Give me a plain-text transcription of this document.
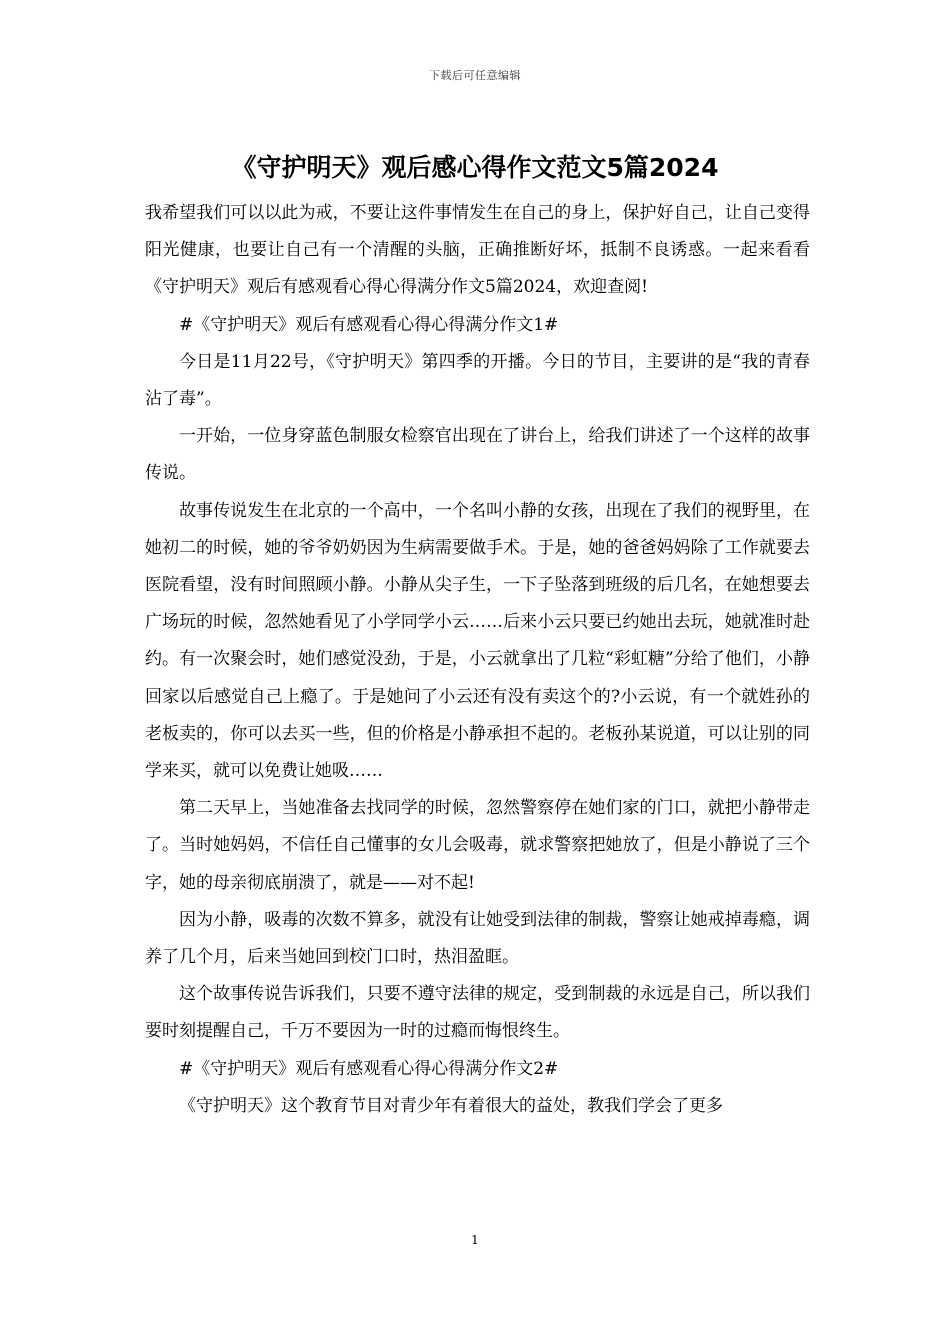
下载后可任意编辑
《守护明天》观后感心得作文范文5篇2024

我希望我们可以以此为戒，不要让这件事情发生在自己的身上，保护好自己，让自己变得阳光健康，也要让自己有一个清醒的头脑，正确推断好坏，抵制不良诱惑。一起来看看《守护明天》观后有感观看心得心得满分作文5篇2024，欢迎查阅!

#《守护明天》观后有感观看心得心得满分作文1#

今日是11月22号，《守护明天》第四季的开播。今日的节目，主要讲的是“我的青春沾了毒”。

一开始，一位身穿蓝色制服女检察官出现在了讲台上，给我们讲述了一个这样的故事传说。

故事传说发生在北京的一个高中，一个名叫小静的女孩，出现在了我们的视野里，在她初二的时候，她的爷爷奶奶因为生病需要做手术。于是，她的爸爸妈妈除了工作就要去医院看望，没有时间照顾小静。小静从尖子生，一下子坠落到班级的后几名，在她想要去广场玩的时候，忽然她看见了小学同学小云……后来小云只要已约她出去玩，她就准时赴约。有一次聚会时，她们感觉没劲，于是，小云就拿出了几粒“彩虹糖”分给了他们，小静回家以后感觉自己上瘾了。于是她问了小云还有没有卖这个的?小云说，有一个就姓孙的老板卖的，你可以去买一些，但的价格是小静承担不起的。老板孙某说道，可以让别的同学来买，就可以免费让她吸……

第二天早上，当她准备去找同学的时候，忽然警察停在她们家的门口，就把小静带走了。当时她妈妈，不信任自己懂事的女儿会吸毒，就求警察把她放了，但是小静说了三个字，她的母亲彻底崩溃了，就是——对不起!

因为小静，吸毒的次数不算多，就没有让她受到法律的制裁，警察让她戒掉毒瘾，调养了几个月，后来当她回到校门口时，热泪盈眶。

这个故事传说告诉我们，只要不遵守法律的规定，受到制裁的永远是自己，所以我们要时刻提醒自己，千万不要因为一时的过瘾而悔恨终生。

#《守护明天》观后有感观看心得心得满分作文2#

《守护明天》这个教育节目对青少年有着很大的益处，教我们学会了更多

1
